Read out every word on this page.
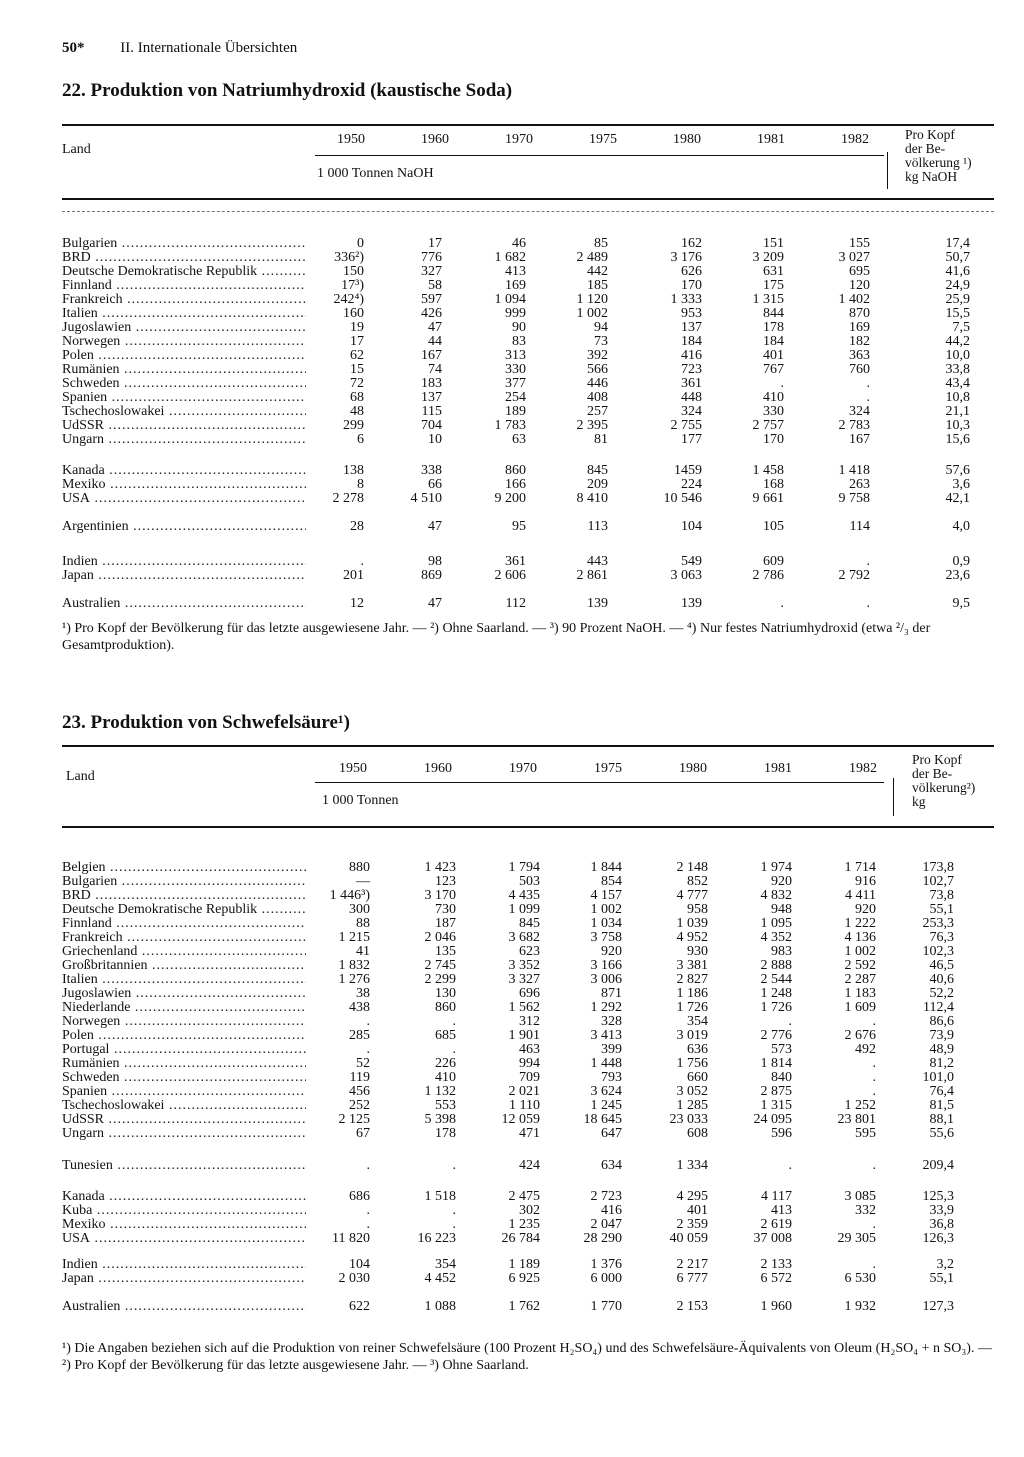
50* II. Internationale Übersichten
22. Produktion von Natriumhydroxid (kaustische Soda)
Land
1 000 Tonnen NaOH
Pro Kopf
der Be-
völkerung ¹)
kg NaOH
1950	1960	1970	1975	1980	1981	1982
Bulgarien .....	0	17	46	85	162	151	155	17,4
BRD .....	336²)	776	1 682	2 489	3 176	3 209	3 027	50,7
Deutsche Demokratische Republik .....	150	327	413	442	626	631	695	41,6
Finnland .....	17³)	58	169	185	170	175	120	24,9
Frankreich .....	242⁴)	597	1 094	1 120	1 333	1 315	1 402	25,9
Italien .....	160	426	999	1 002	953	844	870	15,5
Jugoslawien .....	19	47	90	94	137	178	169	7,5
Norwegen .....	17	44	83	73	184	184	182	44,2
Polen .....	62	167	313	392	416	401	363	10,0
Rumänien .....	15	74	330	566	723	767	760	33,8
Schweden .....	72	183	377	446	361	.	.	43,4
Spanien .....	68	137	254	408	448	410	.	10,8
Tschechoslowakei .....	48	115	189	257	324	330	324	21,1
UdSSR .....	299	704	1 783	2 395	2 755	2 757	2 783	10,3
Ungarn .....	6	10	63	81	177	170	167	15,6
Kanada .....	138	338	860	845	1459	1 458	1 418	57,6
Mexiko .....	8	66	166	209	224	168	263	3,6
USA .....	2 278	4 510	9 200	8 410	10 546	9 661	9 758	42,1
Argentinien .....	28	47	95	113	104	105	114	4,0
Indien .....	.	98	361	443	549	609	.	0,9
Japan .....	201	869	2 606	2 861	3 063	2 786	2 792	23,6
Australien .....	12	47	112	139	139	.	.	9,5
¹) Pro Kopf der Bevölkerung für das letzte ausgewiesene Jahr. — ²) Ohne Saarland. — ³) 90 Prozent NaOH. — ⁴) Nur festes Natriumhydroxid (etwa ²/₃ der Gesamtproduktion).
23. Produktion von Schwefelsäure¹)
Land
1 000 Tonnen
Pro Kopf
der Be-
völkerung²)
kg
1950	1960	1970	1975	1980	1981	1982
Belgien .....	880	1 423	1 794	1 844	2 148	1 974	1 714	173,8
Bulgarien .....	—	123	503	854	852	920	916	102,7
BRD .....	1 446³)	3 170	4 435	4 157	4 777	4 832	4 411	73,8
Deutsche Demokratische Republik .....	300	730	1 099	1 002	958	948	920	55,1
Finnland .....	88	187	845	1 034	1 039	1 095	1 222	253,3
Frankreich .....	1 215	2 046	3 682	3 758	4 952	4 352	4 136	76,3
Griechenland .....	41	135	623	920	930	983	1 002	102,3
Großbritannien .....	1 832	2 745	3 352	3 166	3 381	2 888	2 592	46,5
Italien .....	1 276	2 299	3 327	3 006	2 827	2 544	2 287	40,6
Jugoslawien .....	38	130	696	871	1 186	1 248	1 183	52,2
Niederlande .....	438	860	1 562	1 292	1 726	1 726	1 609	112,4
Norwegen .....	.	.	312	328	354	.	.	86,6
Polen .....	285	685	1 901	3 413	3 019	2 776	2 676	73,9
Portugal .....	.	.	463	399	636	573	492	48,9
Rumänien .....	52	226	994	1 448	1 756	1 814	.	81,2
Schweden .....	119	410	709	793	660	840	.	101,0
Spanien .....	456	1 132	2 021	3 624	3 052	2 875	.	76,4
Tschechoslowakei .....	252	553	1 110	1 245	1 285	1 315	1 252	81,5
UdSSR .....	2 125	5 398	12 059	18 645	23 033	24 095	23 801	88,1
Ungarn .....	67	178	471	647	608	596	595	55,6
Tunesien .....	.	.	424	634	1 334	.	.	209,4
Kanada .....	686	1 518	2 475	2 723	4 295	4 117	3 085	125,3
Kuba .....	.	.	302	416	401	413	332	33,9
Mexiko .....	.	.	1 235	2 047	2 359	2 619	.	36,8
USA .....	11 820	16 223	26 784	28 290	40 059	37 008	29 305	126,3
Indien .....	104	354	1 189	1 376	2 217	2 133	.	3,2
Japan .....	2 030	4 452	6 925	6 000	6 777	6 572	6 530	55,1
Australien .....	622	1 088	1 762	1 770	2 153	1 960	1 932	127,3
¹) Die Angaben beziehen sich auf die Produktion von reiner Schwefelsäure (100 Prozent H₂SO₄) und des Schwefelsäure-Äquivalents von Oleum (H₂SO₄ + n SO₃). — ²) Pro Kopf der Bevölkerung für das letzte ausgewiesene Jahr. — ³) Ohne Saarland.
